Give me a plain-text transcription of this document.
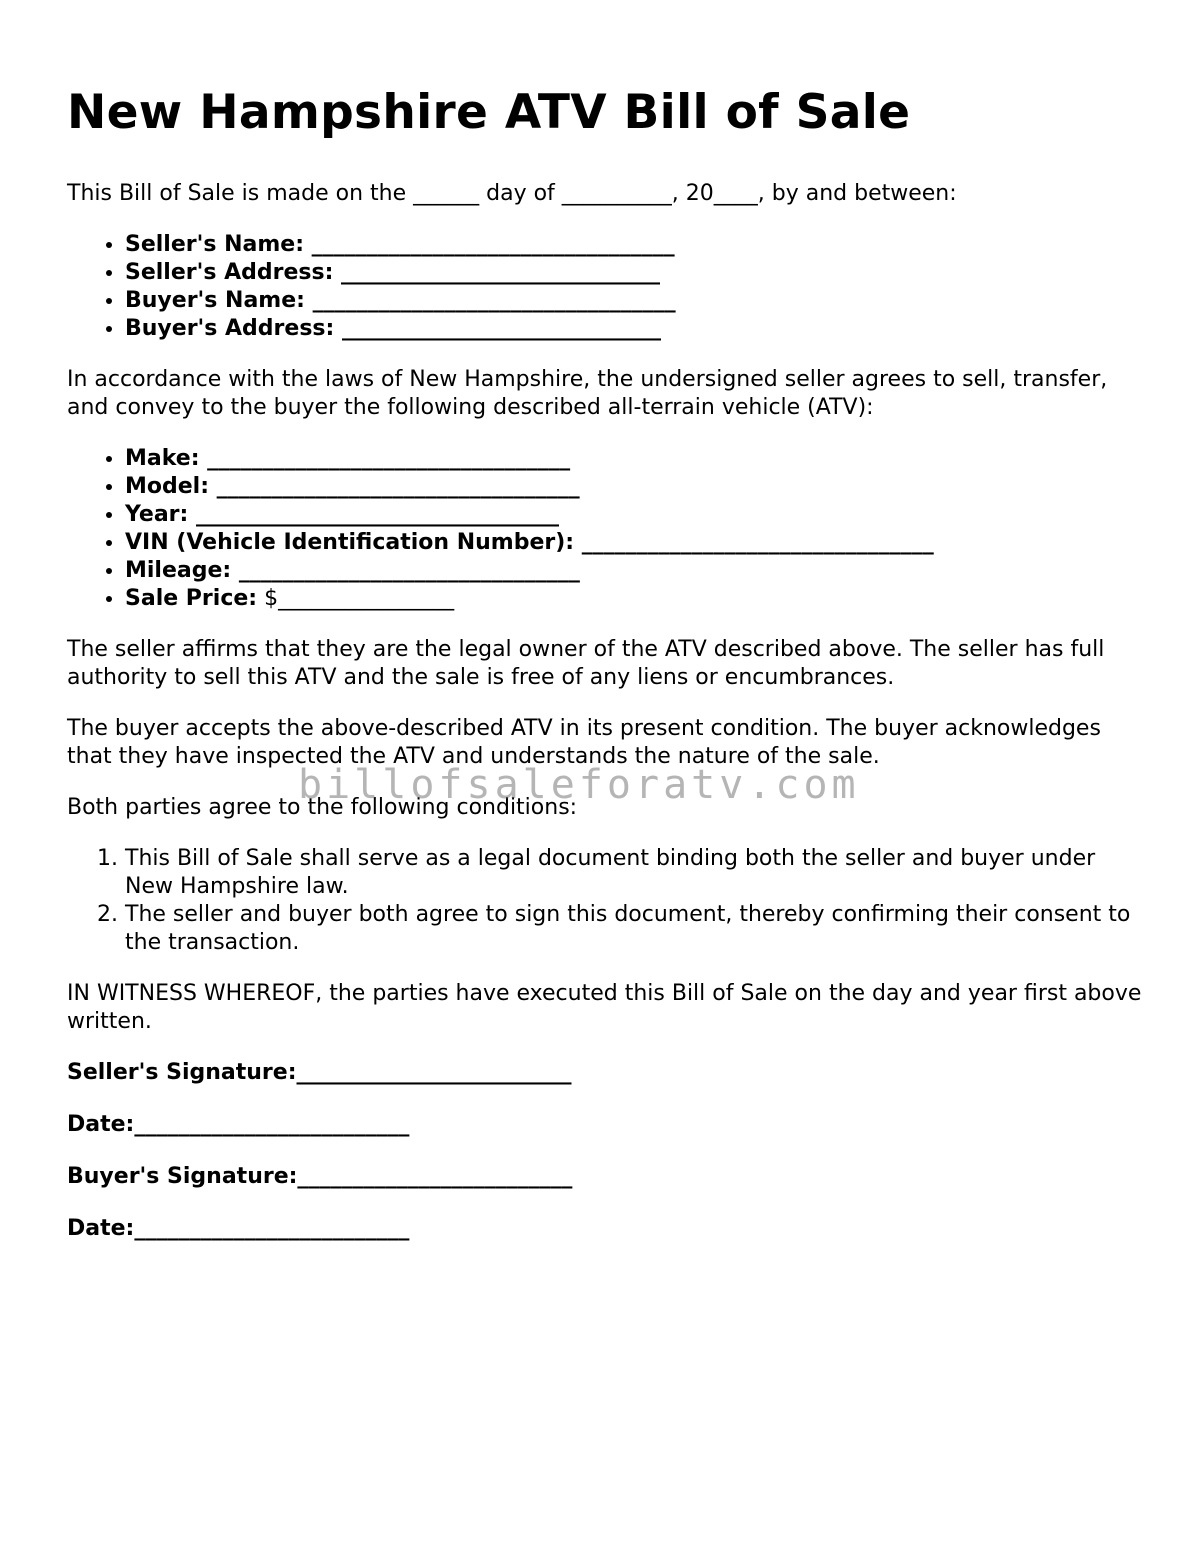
New Hampshire ATV Bill of Sale

This Bill of Sale is made on the ______ day of __________, 20____, by and between:

• Seller's Name: _________________________________
• Seller's Address: _____________________________
• Buyer's Name: _________________________________
• Buyer's Address: _____________________________

In accordance with the laws of New Hampshire, the undersigned seller agrees to sell, transfer, and convey to the buyer the following described all-terrain vehicle (ATV):

• Make: _________________________________
• Model: _________________________________
• Year: _________________________________
• VIN (Vehicle Identification Number): ________________________________
• Mileage: _______________________________
• Sale Price: $________________

The seller affirms that they are the legal owner of the ATV described above. The seller has full authority to sell this ATV and the sale is free of any liens or encumbrances.

The buyer accepts the above-described ATV in its present condition. The buyer acknowledges that they have inspected the ATV and understands the nature of the sale.

Both parties agree to the following conditions:

1. This Bill of Sale shall serve as a legal document binding both the seller and buyer under New Hampshire law.
2. The seller and buyer both agree to sign this document, thereby confirming their consent to the transaction.

IN WITNESS WHEREOF, the parties have executed this Bill of Sale on the day and year first above written.

Seller's Signature:_________________________
Date:_________________________
Buyer's Signature:_________________________
Date:_________________________
billofsaleforatv.com
